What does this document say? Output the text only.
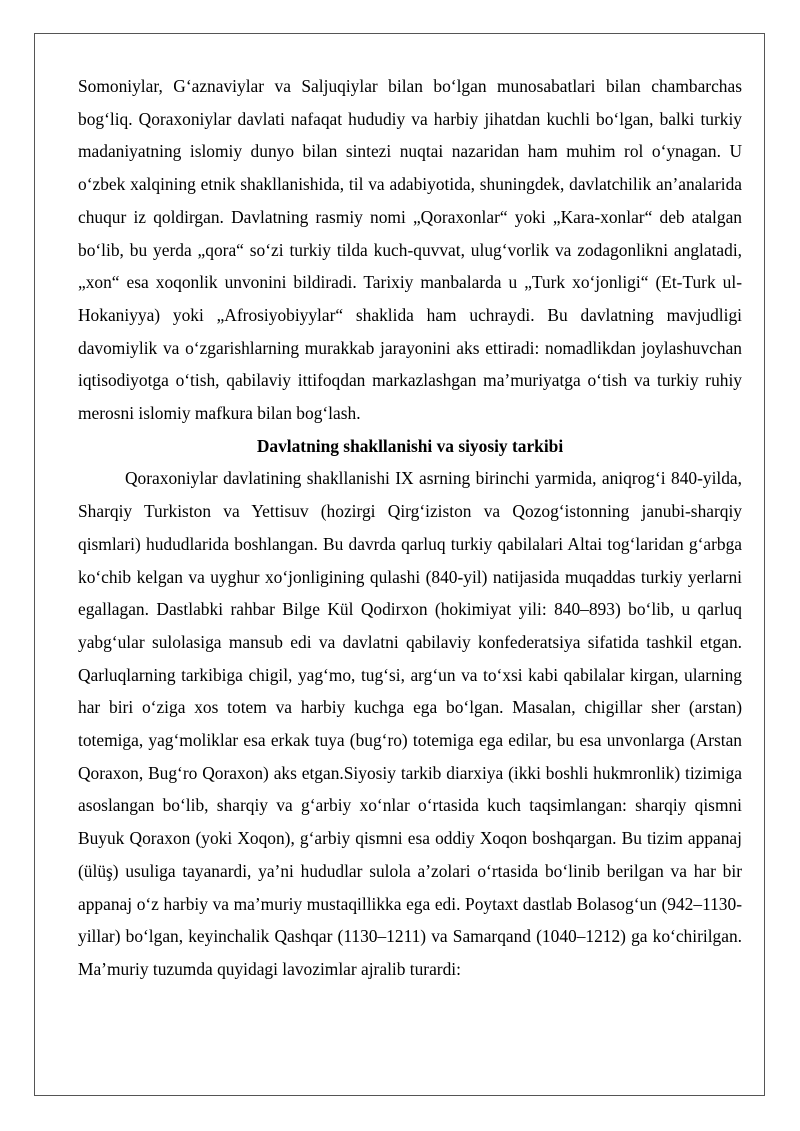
Somoniylar, G‘aznaviylar va Saljuqiylar bilan bo‘lgan munosabatlari bilan chambarchas bog‘liq. Qoraxoniylar davlati nafaqat hududiy va harbiy jihatdan kuchli bo‘lgan, balki turkiy madaniyatning islomiy dunyo bilan sintezi nuqtai nazaridan ham muhim rol o‘ynagan. U o‘zbek xalqining etnik shakllanishida, til va adabiyotida, shuningdek, davlatchilik an’analarida chuqur iz qoldirgan. Davlatning rasmiy nomi „Qoraxonlar“ yoki „Kara-xonlar“ deb atalgan bo‘lib, bu yerda „qora“ so‘zi turkiy tilda kuch-quvvat, ulug‘vorlik va zodagonlikni anglatadi, „xon“ esa xoqonlik unvonini bildiradi. Tarixiy manbalarda u „Turk xo‘jonligi“ (Et-Turk ul-Hokaniyya) yoki „Afrosiyobiyylar“ shaklida ham uchraydi. Bu davlatning mavjudligi davomiylik va o‘zgarishlarning murakkab jarayonini aks ettiradi: nomadlikdan joylashuvchan iqtisodiyotga o‘tish, qabilaviy ittifoqdan markazlashgan ma’muriyatga o‘tish va turkiy ruhiy merosni islomiy mafkura bilan bog‘lash.

Davlatning shakllanishi va siyosiy tarkibi

Qoraxoniylar davlatining shakllanishi IX asrning birinchi yarmida, aniqrog‘i 840-yilda, Sharqiy Turkiston va Yettisuv (hozirgi Qirg‘iziston va Qozog‘istonning janubi-sharqiy qismlari) hududlarida boshlangan. Bu davrda qarluq turkiy qabilalari Altai tog‘laridan g‘arbga ko‘chib kelgan va uyghur xo‘jonligining qulashi (840-yil) natijasida muqaddas turkiy yerlarni egallagan. Dastlabki rahbar Bilge Kül Qodirxon (hokimiyat yili: 840–893) bo‘lib, u qarluq yabg‘ular sulolasiga mansub edi va davlatni qabilaviy konfederatsiya sifatida tashkil etgan. Qarluqlarning tarkibiga chigil, yag‘mo, tug‘si, arg‘un va to‘xsi kabi qabilalar kirgan, ularning har biri o‘ziga xos totem va harbiy kuchga ega bo‘lgan. Masalan, chigillar sher (arstan) totemiga, yag‘moliklar esa erkak tuya (bug‘ro) totemiga ega edilar, bu esa unvonlarga (Arstan Qoraxon, Bug‘ro Qoraxon) aks etgan.Siyosiy tarkib diarxiya (ikki boshli hukmronlik) tizimiga asoslangan bo‘lib, sharqiy va g‘arbiy xo‘nlar o‘rtasida kuch taqsimlangan: sharqiy qismni Buyuk Qoraxon (yoki Xoqon), g‘arbiy qismni esa oddiy Xoqon boshqargan. Bu tizim appanaj (ülüş) usuliga tayanardi, ya’ni hududlar sulola a’zolari o‘rtasida bo‘linib berilgan va har bir appanaj o‘z harbiy va ma’muriy mustaqillikka ega edi. Poytaxt dastlab Bolasog‘un (942–1130-yillar) bo‘lgan, keyinchalik Qashqar (1130–1211) va Samarqand (1040–1212) ga ko‘chirilgan. Ma’muriy tuzumda quyidagi lavozimlar ajralib turardi:
